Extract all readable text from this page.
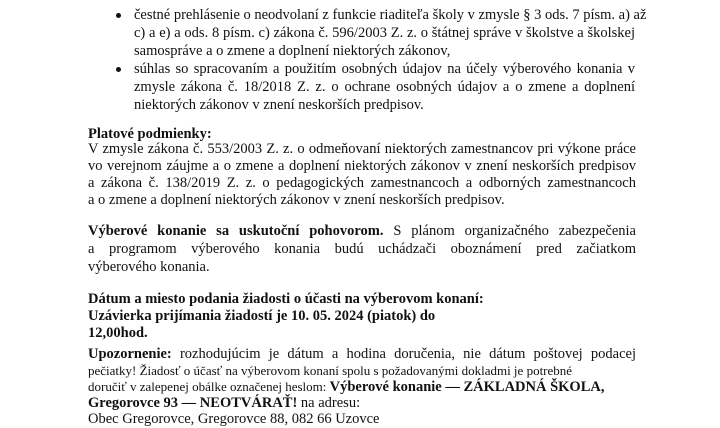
čestné prehlásenie o neodvolaní z funkcie riaditeľa školy v zmysle § 3 ods. 7 písm. a) až
c) a e) a ods. 8 písm. c) zákona č. 596/2003 Z. z. o štátnej správe v školstve a školskej
samospráve a o zmene a doplnení niektorých zákonov,
súhlas so spracovaním a použitím osobných údajov na účely výberového konania v
zmysle zákona č. 18/2018 Z. z. o ochrane osobných údajov a o zmene a doplnení
niektorých zákonov v znení neskorších predpisov.
Platové podmienky:
V zmysle zákona č. 553/2003 Z. z. o odmeňovaní niektorých zamestnancov pri výkone práce
vo verejnom záujme a o zmene a doplnení niektorých zákonov v znení neskorších predpisov
a zákona č. 138/2019 Z. z. o pedagogických zamestnancoch a odborných zamestnancoch
a o zmene a doplnení niektorých zákonov v znení neskorších predpisov.
Výberové konanie sa uskutoční pohovorom. S plánom organizačného zabezpečenia
a programom výberového konania budú uchádzači oboznámení pred začiatkom
výberového konania.
Dátum a miesto podania žiadosti o účasti na výberovom konaní:
Uzávierka prijímania žiadostí je 10. 05. 2024 (piatok) do
12,00hod.
Upozornenie: rozhodujúcim je dátum a hodina doručenia, nie dátum poštovej podacej
pečiatky! Žiadosť o účasť na výberovom konaní spolu s požadovanými dokladmi je potrebné
doručiť v zalepenej obálke označenej heslom: Výberové konanie — ZÁKLADNÁ ŠKOLA,
Gregorovce 93 — NEOTVÁRAŤ! na adresu:
Obec Gregorovce, Gregorovce 88, 082 66 Uzovce
